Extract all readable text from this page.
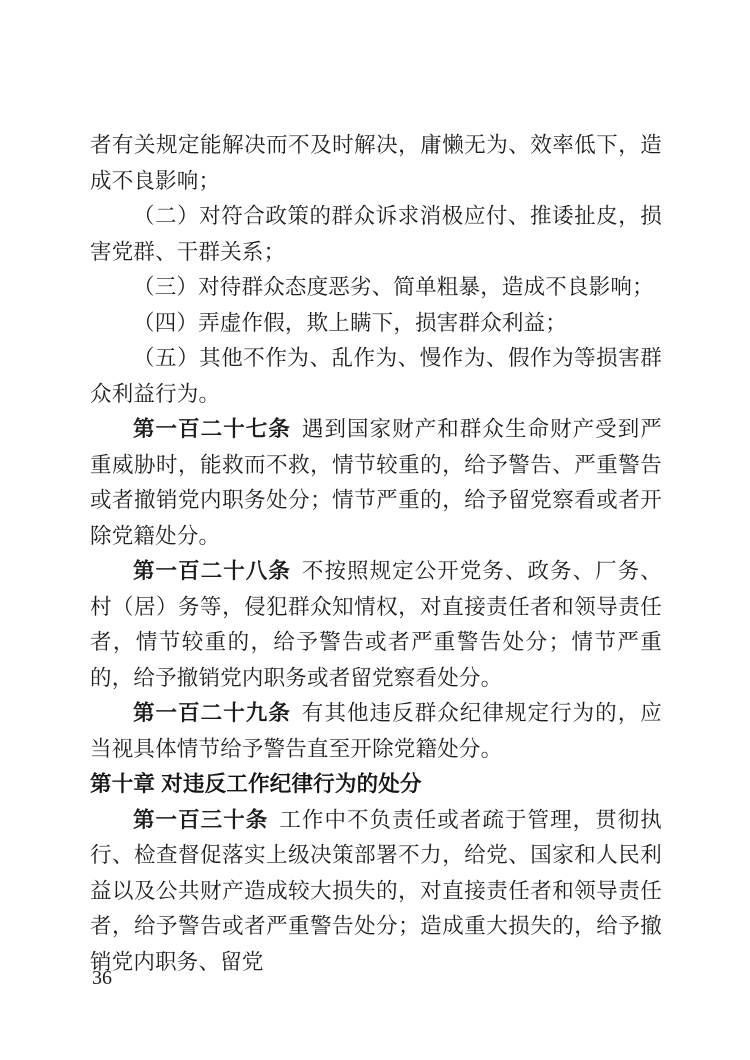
者有关规定能解决而不及时解决，庸懒无为、效率低下，造成不良影响；

（二）对符合政策的群众诉求消极应付、推诿扯皮，损害党群、干群关系；

（三）对待群众态度恶劣、简单粗暴，造成不良影响；

（四）弄虚作假，欺上瞒下，损害群众利益；

（五）其他不作为、乱作为、慢作为、假作为等损害群众利益行为。

第一百二十七条 遇到国家财产和群众生命财产受到严重威胁时，能救而不救，情节较重的，给予警告、严重警告或者撤销党内职务处分；情节严重的，给予留党察看或者开除党籍处分。

第一百二十八条 不按照规定公开党务、政务、厂务、村（居）务等，侵犯群众知情权，对直接责任者和领导责任者，情节较重的，给予警告或者严重警告处分；情节严重的，给予撤销党内职务或者留党察看处分。

第一百二十九条 有其他违反群众纪律规定行为的，应当视具体情节给予警告直至开除党籍处分。

第十章 对违反工作纪律行为的处分

第一百三十条 工作中不负责任或者疏于管理，贯彻执行、检查督促落实上级决策部署不力，给党、国家和人民利益以及公共财产造成较大损失的，对直接责任者和领导责任者，给予警告或者严重警告处分；造成重大损失的，给予撤销党内职务、留党

36
